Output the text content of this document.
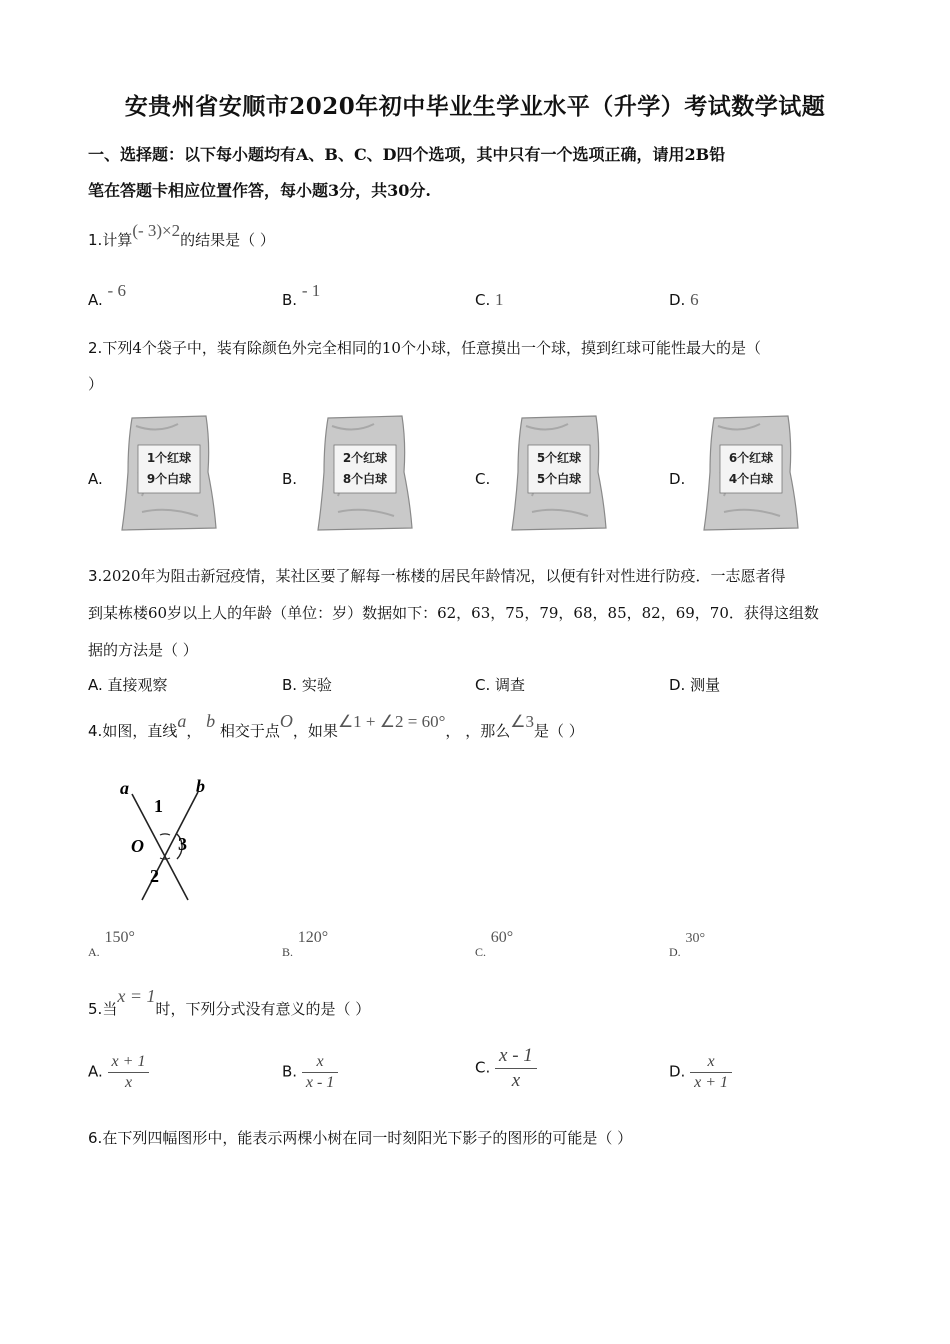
安贵州省安顺市2020年初中毕业生学业水平（升学）考试数学试题
一、选择题：以下每小题均有A、B、C、D四个选项，其中只有一个选项正确，请用2B铅
笔在答题卡相应位置作答，每小题3分，共30分.
1.计算(- 3)×2的结果是（ ）
A. - 6	B. - 1	C. 1	D. 6
2.下列4个袋子中，装有除颜色外完全相同的10个小球，任意摸出一个球，摸到红球可能性最大的是（
）
A.
1个红球
9个白球	B.
2个红球
8个白球	C.
5个红球
5个白球	D.
6个红球
4个白球
3.2020年为阻击新冠疫情，某社区要了解每一栋楼的居民年龄情况，以便有针对性进行防疫．一志愿者得
到某栋楼60岁以上人的年龄（单位：岁）数据如下：62，63，75，79，68，85，82，69，70．获得这组数
据的方法是（ ）
A. 直接观察	B. 实验	C. 调查	D. 测量
4.如图，直线a， b 相交于点O，如果∠1 + ∠2 = 60°， ，那么∠3是（ ）
a	b
1
O 3
2
$_{A.}$ 150°
$_{B.}$ 120°
$_{C.}$ 60°
$_{D.}$ 30°
5.当x = 1时，下列分式没有意义的是（ ）
A. $\frac{x + 1}{x}$	B. $\frac{x}{x - 1}$	C. $\frac{x - 1}{x}$	D. $\frac{x}{x + 1}$
6.在下列四幅图形中，能表示两棵小树在同一时刻阳光下影子的图形的可能是（ ）
